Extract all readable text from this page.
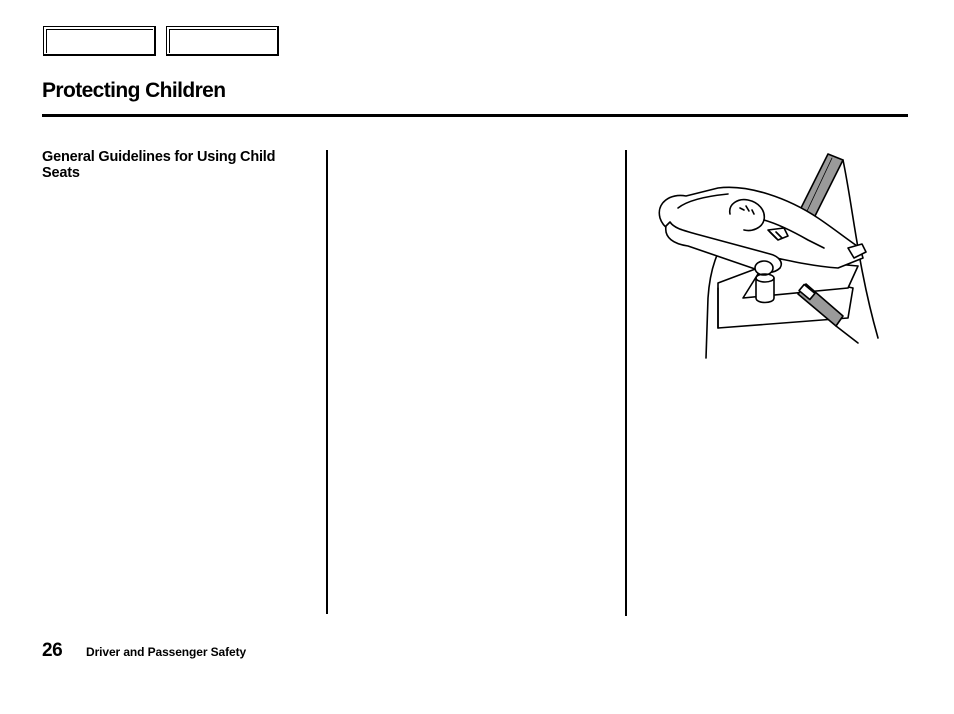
Protecting Children
General Guidelines for Using Child Seats
26 Driver and Passenger Safety
